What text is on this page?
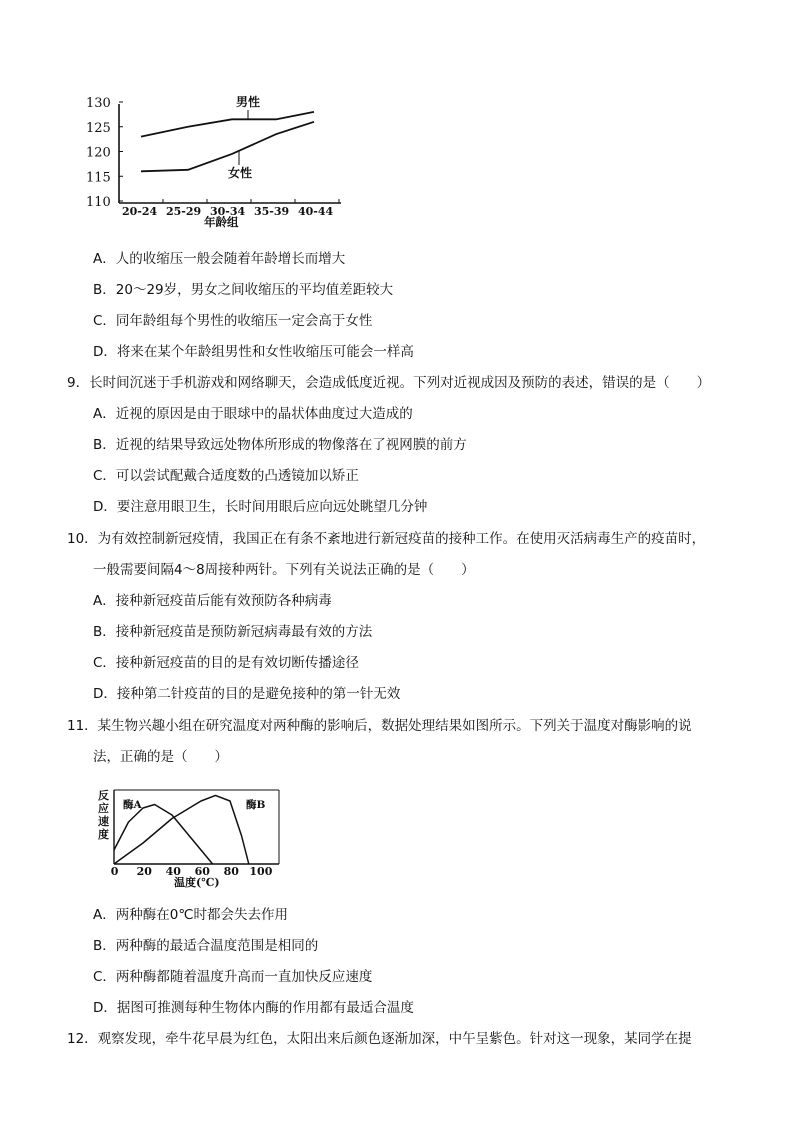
130
125
120
115
110
20-24 25-29 30-34 35-39 40-44
男性
女性
年龄组
A．人的收缩压一般会随着年龄增长而增大
B．20～29岁，男女之间收缩压的平均值差距较大
C．同年龄组每个男性的收缩压一定会高于女性
D．将来在某个年龄组男性和女性收缩压可能会一样高
9．长时间沉迷于手机游戏和网络聊天，会造成低度近视。下列对近视成因及预防的表述，错误的是（　　）
A．近视的原因是由于眼球中的晶状体曲度过大造成的
B．近视的结果导致远处物体所形成的物像落在了视网膜的前方
C．可以尝试配戴合适度数的凸透镜加以矫正
D．要注意用眼卫生，长时间用眼后应向远处眺望几分钟
10．为有效控制新冠疫情，我国正在有条不紊地进行新冠疫苗的接种工作。在使用灭活病毒生产的疫苗时，
一般需要间隔4～8周接种两针。下列有关说法正确的是（　　）
A．接种新冠疫苗后能有效预防各种病毒
B．接种新冠疫苗是预防新冠病毒最有效的方法
C．接种新冠疫苗的目的是有效切断传播途径
D．接种第二针疫苗的目的是避免接种的第一针无效
11．某生物兴趣小组在研究温度对两种酶的影响后，数据处理结果如图所示。下列关于温度对酶影响的说
法，正确的是（　　）
反 应 速 度
0 20 40 60 80 100
酶A	酶B
温度(℃)
A．两种酶在0℃时都会失去作用
B．两种酶的最适合温度范围是相同的
C．两种酶都随着温度升高而一直加快反应速度
D．据图可推测每种生物体内酶的作用都有最适合温度
12．观察发现，牵牛花早晨为红色，太阳出来后颜色逐渐加深，中午呈紫色。针对这一现象，某同学在提
